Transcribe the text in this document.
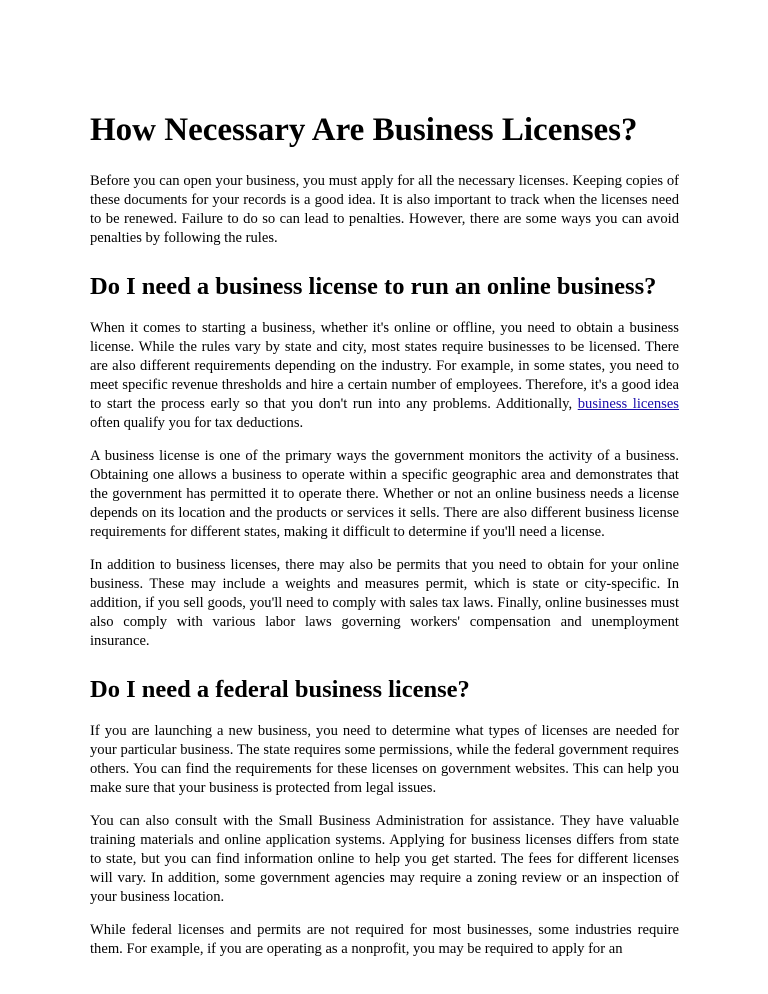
How Necessary Are Business Licenses?

Before you can open your business, you must apply for all the necessary licenses. Keeping copies of these documents for your records is a good idea. It is also important to track when the licenses need to be renewed. Failure to do so can lead to penalties. However, there are some ways you can avoid penalties by following the rules.

Do I need a business license to run an online business?

When it comes to starting a business, whether it's online or offline, you need to obtain a business license. While the rules vary by state and city, most states require businesses to be licensed. There are also different requirements depending on the industry. For example, in some states, you need to meet specific revenue thresholds and hire a certain number of employees. Therefore, it's a good idea to start the process early so that you don't run into any problems. Additionally, business licenses often qualify you for tax deductions.

A business license is one of the primary ways the government monitors the activity of a business. Obtaining one allows a business to operate within a specific geographic area and demonstrates that the government has permitted it to operate there. Whether or not an online business needs a license depends on its location and the products or services it sells. There are also different business license requirements for different states, making it difficult to determine if you'll need a license.

In addition to business licenses, there may also be permits that you need to obtain for your online business. These may include a weights and measures permit, which is state or city-specific. In addition, if you sell goods, you'll need to comply with sales tax laws. Finally, online businesses must also comply with various labor laws governing workers' compensation and unemployment insurance.

Do I need a federal business license?

If you are launching a new business, you need to determine what types of licenses are needed for your particular business. The state requires some permissions, while the federal government requires others. You can find the requirements for these licenses on government websites. This can help you make sure that your business is protected from legal issues.

You can also consult with the Small Business Administration for assistance. They have valuable training materials and online application systems. Applying for business licenses differs from state to state, but you can find information online to help you get started. The fees for different licenses will vary. In addition, some government agencies may require a zoning review or an inspection of your business location.

While federal licenses and permits are not required for most businesses, some industries require them. For example, if you are operating as a nonprofit, you may be required to apply for an
